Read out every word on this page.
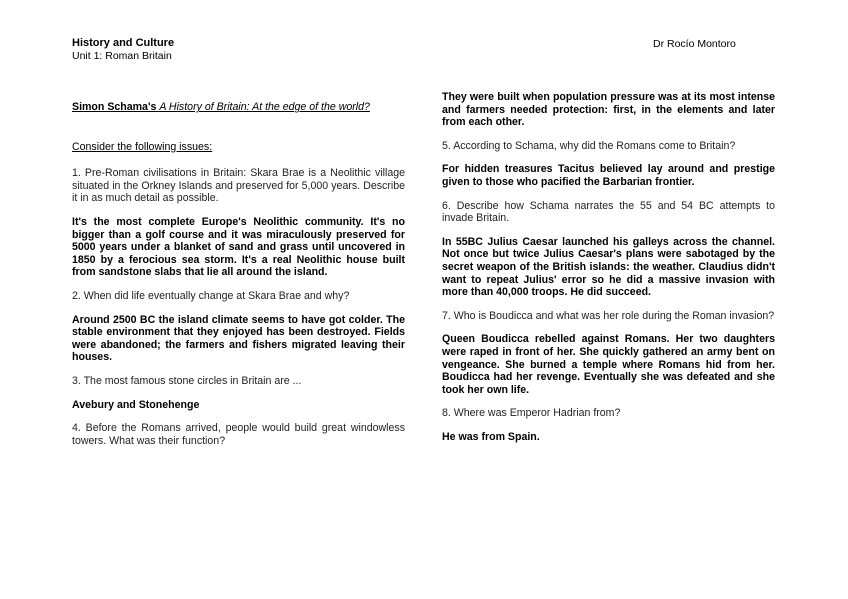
History and Culture
Unit 1: Roman Britain
Dr Rocío Montoro

Simon Schama's A History of Britain: At the edge of the world?

Consider the following issues:

1. Pre-Roman civilisations in Britain: Skara Brae is a Neolithic village situated in the Orkney Islands and preserved for 5,000 years. Describe it in as much detail as possible.

It's the most complete Europe's Neolithic community. It's no bigger than a golf course and it was miraculously preserved for 5000 years under a blanket of sand and grass until uncovered in 1850 by a ferocious sea storm. It's a real Neolithic house built from sandstone slabs that lie all around the island.

2. When did life eventually change at Skara Brae and why?

Around 2500 BC the island climate seems to have got colder. The stable environment that they enjoyed has been destroyed. Fields were abandoned; the farmers and fishers migrated leaving their houses.

3. The most famous stone circles in Britain are ...

Avebury and Stonehenge

4. Before the Romans arrived, people would build great windowless towers. What was their function?

They were built when population pressure was at its most intense and farmers needed protection: first, in the elements and later from each other.

5. According to Schama, why did the Romans come to Britain?

For hidden treasures Tacitus believed lay around and prestige given to those who pacified the Barbarian frontier.

6. Describe how Schama narrates the 55 and 54 BC attempts to invade Britain.

In 55BC Julius Caesar launched his galleys across the channel. Not once but twice Julius Caesar's plans were sabotaged by the secret weapon of the British islands: the weather. Claudius didn't want to repeat Julius' error so he did a massive invasion with more than 40,000 troops. He did succeed.

7. Who is Boudicca and what was her role during the Roman invasion?

Queen Boudicca rebelled against Romans. Her two daughters were raped in front of her. She quickly gathered an army bent on vengeance. She burned a temple where Romans hid from her. Boudicca had her revenge. Eventually she was defeated and she took her own life.

8. Where was Emperor Hadrian from?

He was from Spain.
